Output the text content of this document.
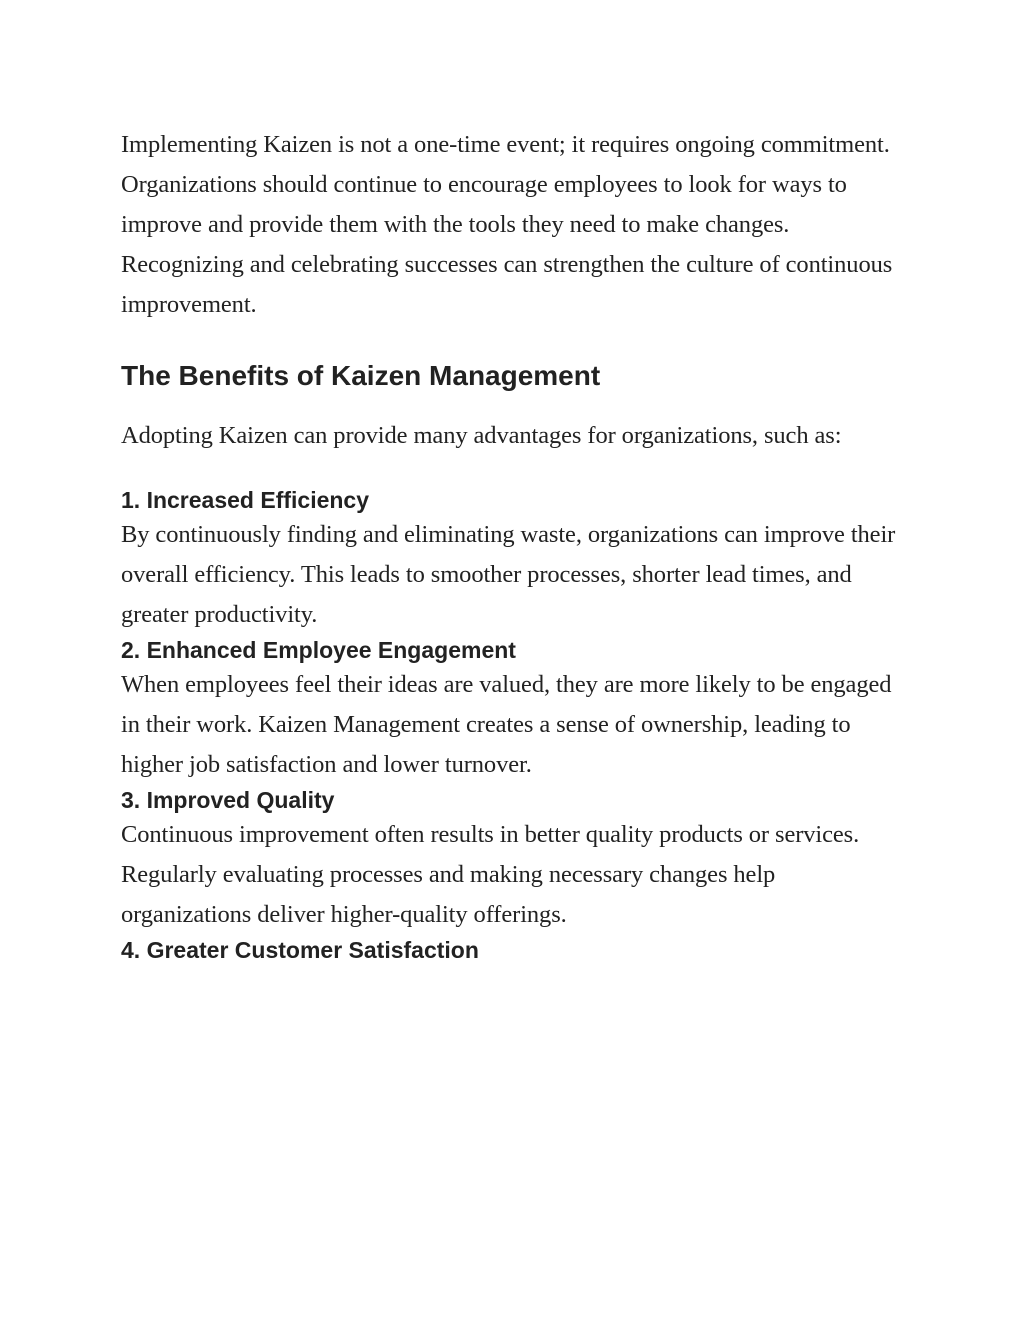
Implementing Kaizen is not a one-time event; it requires ongoing commitment. Organizations should continue to encourage employees to look for ways to improve and provide them with the tools they need to make changes. Recognizing and celebrating successes can strengthen the culture of continuous improvement.

The Benefits of Kaizen Management

Adopting Kaizen can provide many advantages for organizations, such as:

1. Increased Efficiency

By continuously finding and eliminating waste, organizations can improve their overall efficiency. This leads to smoother processes, shorter lead times, and greater productivity.

2. Enhanced Employee Engagement

When employees feel their ideas are valued, they are more likely to be engaged in their work. Kaizen Management creates a sense of ownership, leading to higher job satisfaction and lower turnover.

3. Improved Quality

Continuous improvement often results in better quality products or services. Regularly evaluating processes and making necessary changes help organizations deliver higher-quality offerings.

4. Greater Customer Satisfaction
